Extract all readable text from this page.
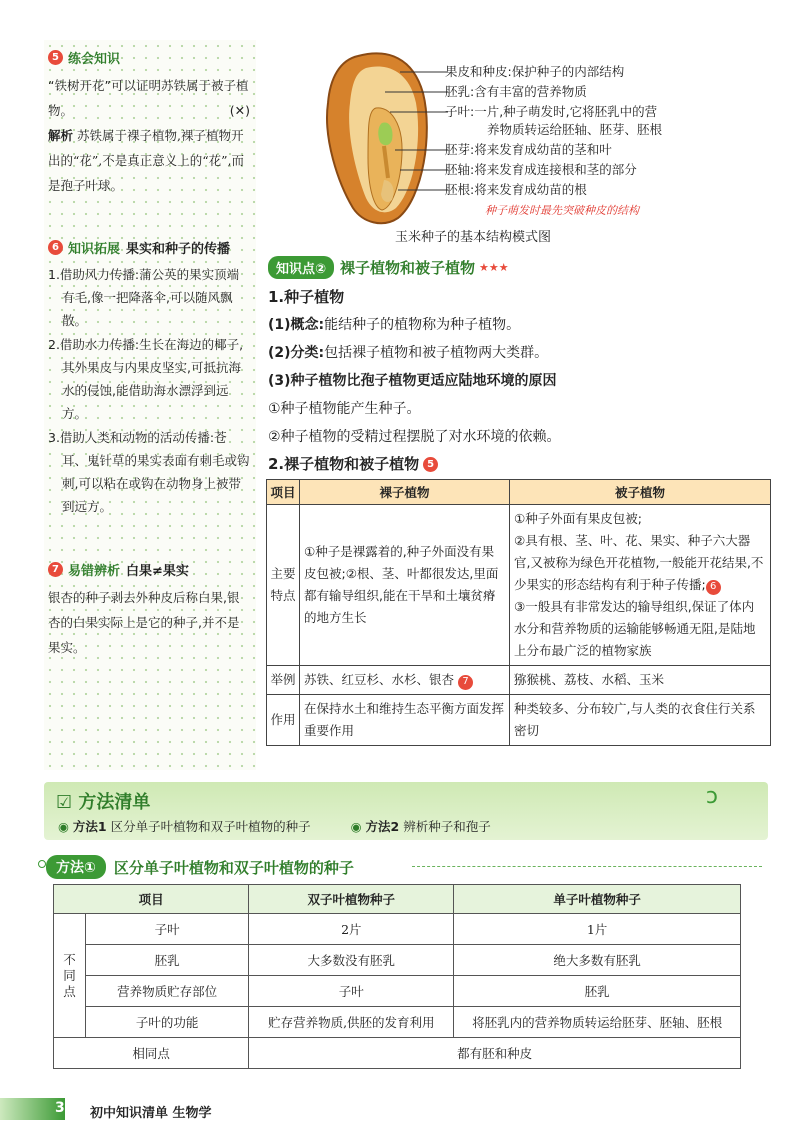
5 练会知识
“铁树开花”可以证明苏铁属于被子植物。	(✕)
解析 苏铁属于裸子植物,裸子植物开出的“花”,不是真正意义上的“花”,而是孢子叶球。
6 知识拓展 果实和种子的传播
1.借助风力传播:蒲公英的果实顶端有毛,像一把降落伞,可以随风飘散。
2.借助水力传播:生长在海边的椰子,其外果皮与内果皮坚实,可抵抗海水的侵蚀,能借助海水漂浮到远方。
3.借助人类和动物的活动传播:苍耳、鬼针草的果实表面有刺毛或钩刺,可以粘在或钩在动物身上被带到远方。
7 易错辨析 白果≠果实
银杏的种子剥去外种皮后称白果,银杏的白果实际上是它的种子,并不是果实。
果皮和种皮:保护种子的内部结构
胚乳:含有丰富的营养物质
子叶:一片,种子萌发时,它将胚乳中的营
养物质转运给胚轴、胚芽、胚根
胚芽:将来发育成幼苗的茎和叶
胚轴:将来发育成连接根和茎的部分
胚根:将来发育成幼苗的根
种子萌发时最先突破种皮的结构
玉米种子的基本结构模式图
知识点② 裸子植物和被子植物 ★★★
1.种子植物
(1)概念:能结种子的植物称为种子植物。
(2)分类:包括裸子植物和被子植物两大类群。
(3)种子植物比孢子植物更适应陆地环境的原因
①种子植物能产生种子。
②种子植物的受精过程摆脱了对水环境的依赖。
2.裸子植物和被子植物 5
项目	裸子植物	被子植物
主要特点	①种子是裸露着的,种子外面没有果皮包被;②根、茎、叶都很发达,里面都有输导组织,能在干旱和土壤贫瘠的地方生长	①种子外面有果皮包被;
②具有根、茎、叶、花、果实、种子六大器官,又被称为绿色开花植物,一般能开花结果,不少果实的形态结构有利于种子传播; 6
③一般具有非常发达的输导组织,保证了体内水分和营养物质的运输能够畅通无阻,是陆地上分布最广泛的植物家族

举例	苏铁、红豆杉、水杉、银杏 7	猕猴桃、荔枝、水稻、玉米
作用	在保持水土和维持生态平衡方面发挥重要作用	种类较多、分布较广,与人类的衣食住行关系密切
☑ 方法清单
◉ 方法1 区分单子叶植物和双子叶植物的种子	◉ 方法2 辨析种子和孢子
ↄ
方法①	区分单子叶植物和双子叶植物的种子
项目		双子叶植物种子	单子叶植物种子
不同点	子叶	2片	1片
	胚乳	大多数没有胚乳	绝大多数有胚乳
	营养物质贮存部位	子叶	胚乳
	子叶的功能	贮存营养物质,供胚的发育利用	将胚乳内的营养物质转运给胚芽、胚轴、胚根
相同点		都有胚和种皮	
38 初中知识清单 生物学
